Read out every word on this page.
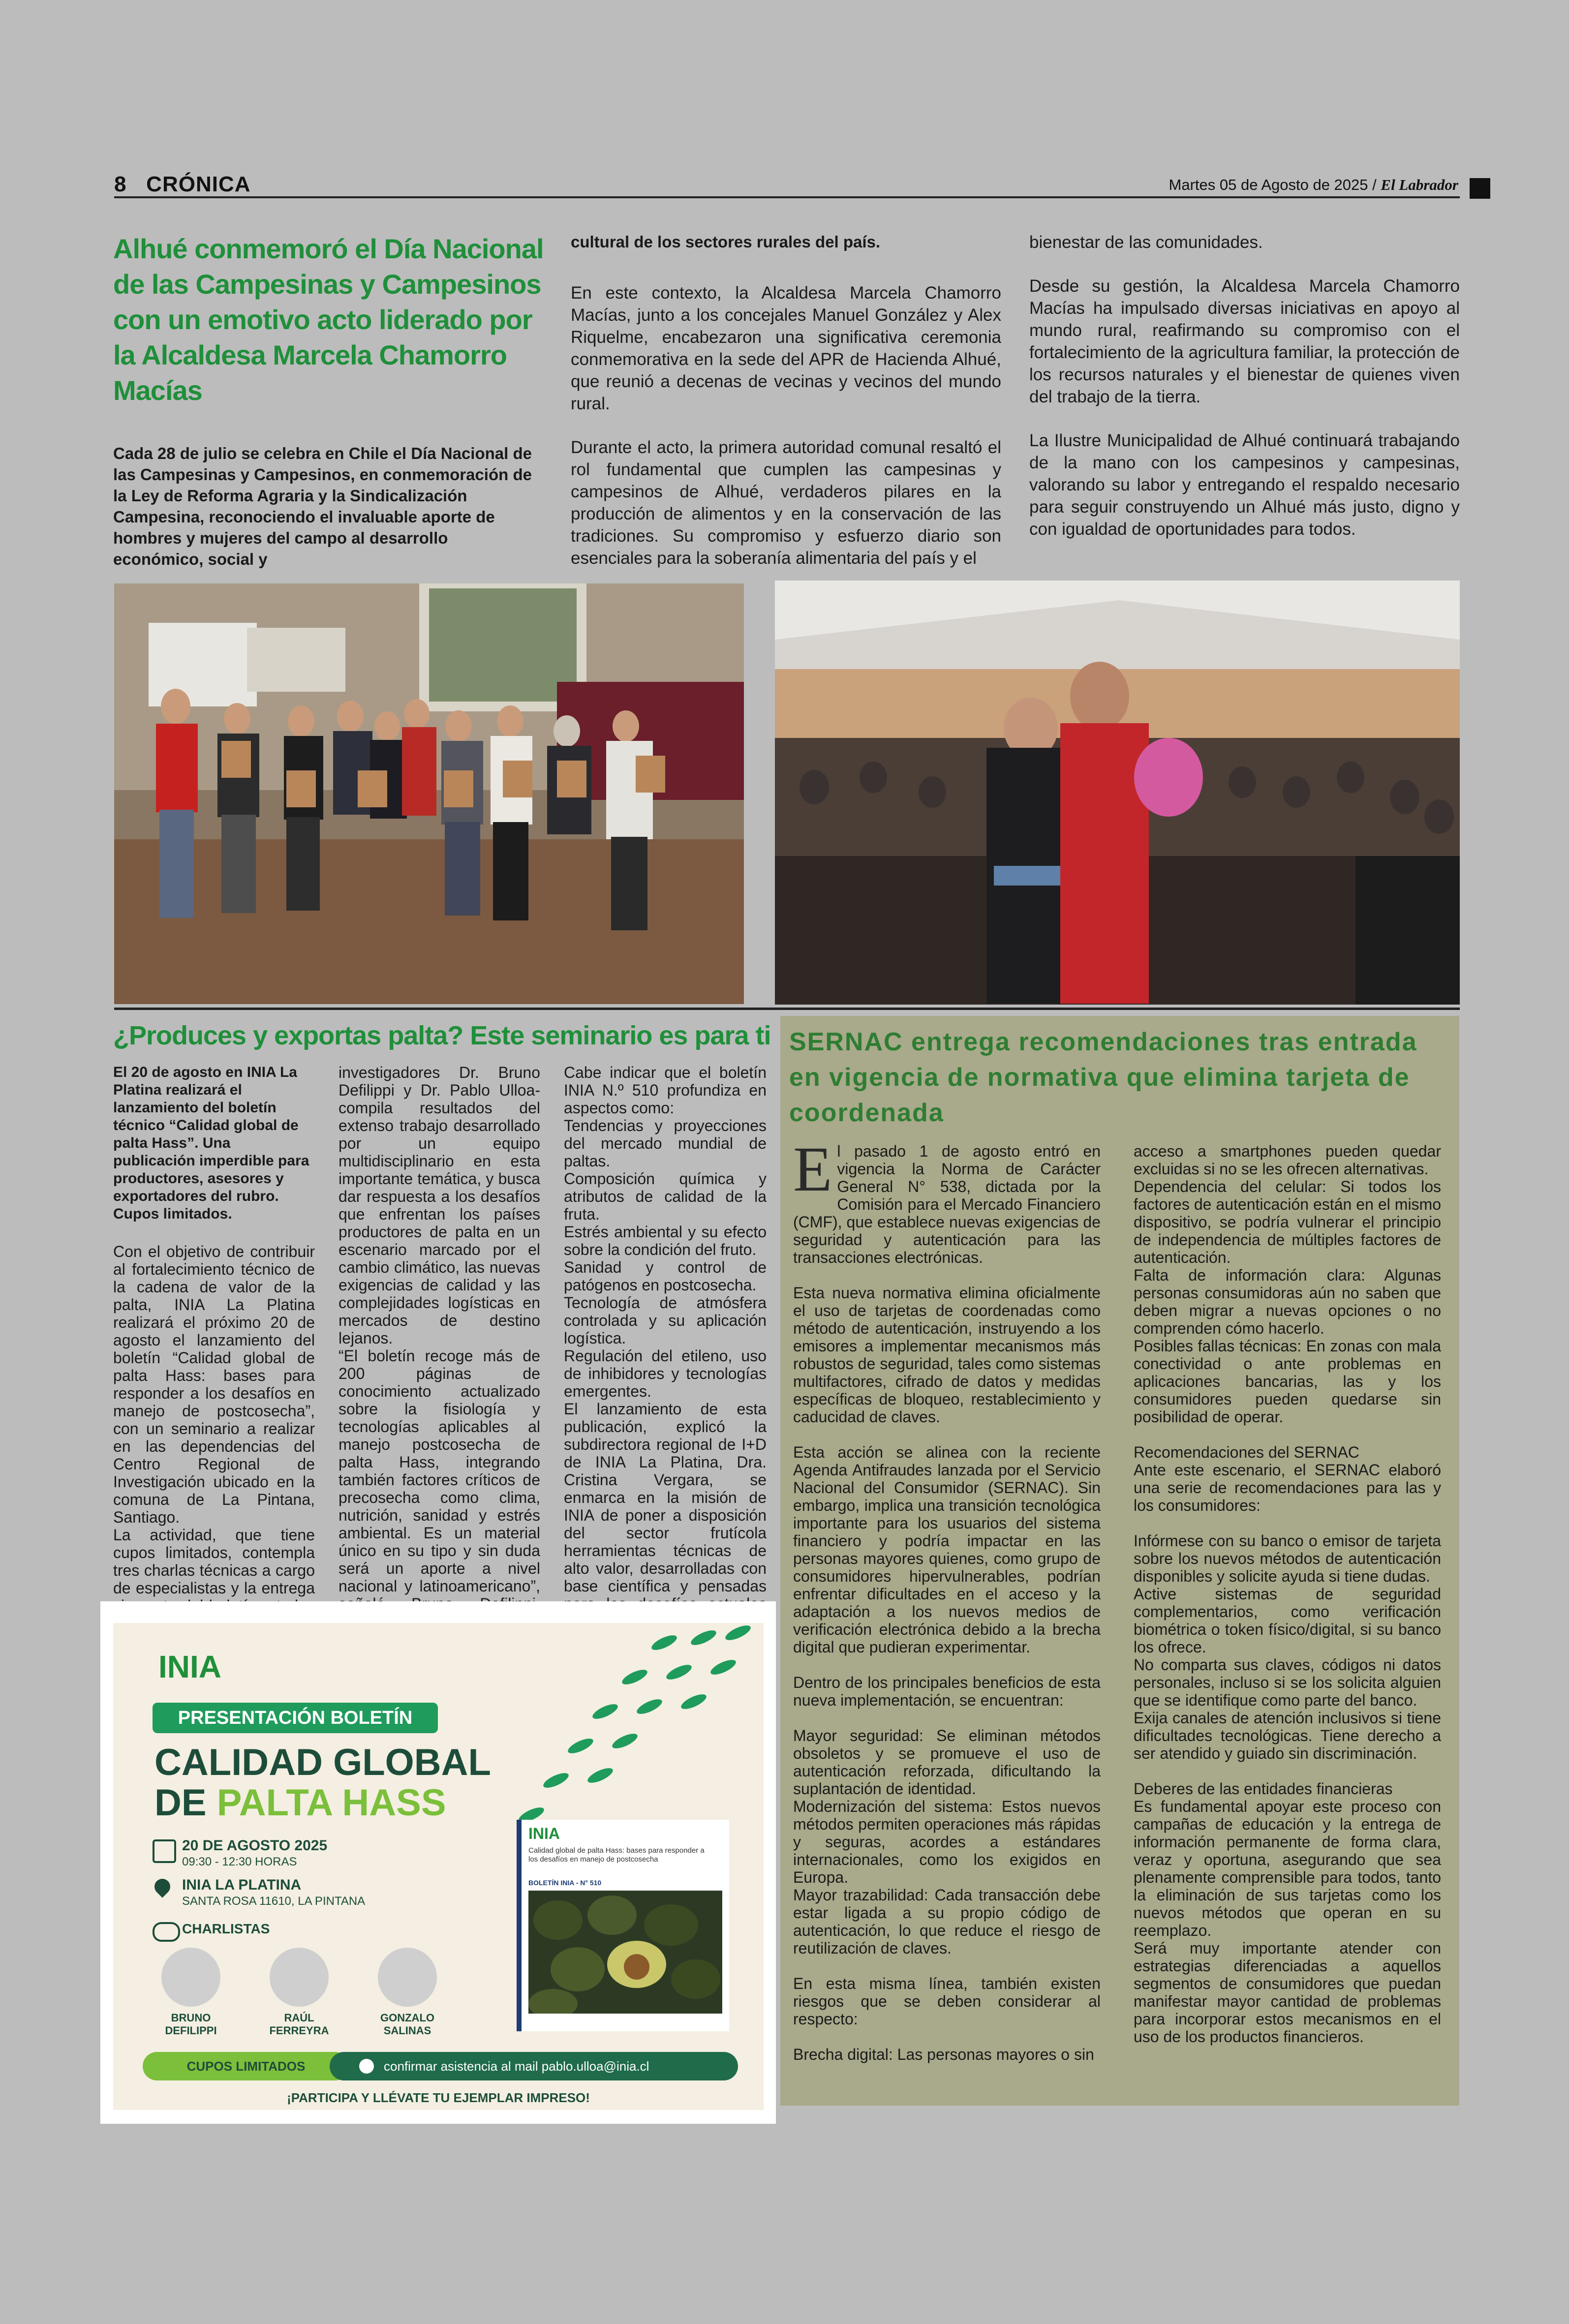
8 CRÓNICA	Martes 05 de Agosto de 2025 / El Labrador
Alhué conmemoró el Día Nacional de las Campesinas y Campesinos con un emotivo acto liderado por la Alcaldesa Marcela Chamorro Macías
Cada 28 de julio se celebra en Chile el Día Nacional de las Campesinas y Campesinos, en conmemoración de la Ley de Reforma Agraria y la Sindicalización Campesina, reconociendo el invaluable aporte de hombres y mujeres del campo al desarrollo económico, social y

cultural de los sectores rurales del país.

En este contexto, la Alcaldesa Marcela Chamorro Macías, junto a los concejales Manuel González y Alex Riquelme, encabezaron una significativa ceremonia conmemorativa en la sede del APR de Hacienda Alhué, que reunió a decenas de vecinas y vecinos del mundo rural.

Durante el acto, la primera autoridad comunal resaltó el rol fundamental que cumplen las campesinas y campesinos de Alhué, verdaderos pilares en la producción de alimentos y en la conservación de las tradiciones. Su compromiso y esfuerzo diario son esenciales para la soberanía alimentaria del país y el

bienestar de las comunidades.

Desde su gestión, la Alcaldesa Marcela Chamorro Macías ha impulsado diversas iniciativas en apoyo al mundo rural, reafirmando su compromiso con el fortalecimiento de la agricultura familiar, la protección de los recursos naturales y el bienestar de quienes viven del trabajo de la tierra.

La Ilustre Municipalidad de Alhué continuará trabajando de la mano con los campesinos y campesinas, valorando su labor y entregando el respaldo necesario para seguir construyendo un Alhué más justo, digno y con igualdad de oportunidades para todos.

¿Produces y exportas palta? Este seminario es para ti

El 20 de agosto en INIA La Platina realizará el lanzamiento del boletín técnico “Calidad global de palta Hass”. Una publicación imperdible para productores, asesores y exportadores del rubro. Cupos limitados.

Con el objetivo de contribuir al fortalecimiento técnico de la cadena de valor de la palta, INIA La Platina realizará el próximo 20 de agosto el lanzamiento del boletín “Calidad global de palta Hass: bases para responder a los desafíos en manejo de postcosecha”, con un seminario a realizar en las dependencias del Centro Regional de Investigación ubicado en la comuna de La Pintana, Santiago.

La actividad, que tiene cupos limitados, contempla tres charlas técnicas a cargo de especialistas y la entrega

investigadores Dr. Bruno Defilippi y Dr. Pablo Ulloa- compila resultados del extenso trabajo desarrollado por un equipo multidisciplinario en esta importante temática, y busca dar respuesta a los desafíos que enfrentan los países productores de palta en un escenario marcado por el cambio climático, las nuevas exigencias de calidad y las complejidades logísticas en mercados de destino lejanos.

“El boletín recoge más de 200 páginas de conocimiento actualizado sobre la fisiología y tecnologías aplicables al manejo postcosecha de palta Hass, integrando también factores críticos de precosecha como clima, nutrición, sanidad y estrés ambiental. Es un material único en su tipo y sin duda será un aporte a nivel nacional y latinoamericano”,

Cabe indicar que el boletín INIA N.º 510 profundiza en aspectos como:

Tendencias y proyecciones del mercado mundial de paltas.

Composición química y atributos de calidad de la fruta.

Estrés ambiental y su efecto sobre la condición del fruto.

Sanidad y control de patógenos en postcosecha.

Tecnología de atmósfera controlada y su aplicación logística.

Regulación del etileno, uso de inhibidores y tecnologías emergentes.

El lanzamiento de esta publicación, explicó la subdirectora regional de I+D de INIA La Platina, Dra. Cristina Vergara, se enmarca en la misión de INIA de poner a disposición del sector frutícola herramientas técnicas de alto valor, desarrolladas con base científica y pensadas

INIA
PRESENTACIÓN BOLETÍN
CALIDAD GLOBAL
DE PALTA HASS
20 DE AGOSTO 2025
09:30 - 12:30 HORAS
INIA LA PLATINA
SANTA ROSA 11610, LA PINTANA
CHARLISTAS
BRUNO
DEFILIPPI
RAÚL
FERREYRA
GONZALO
SALINAS
INIA
Calidad global de palta Hass: bases para responder a los desafíos en manejo de postcosecha
BOLETÍN INIA - N° 510
CUPOS LIMITADOS	confirmar asistencia al mail pablo.ulloa@inia.cl
¡PARTICIPA Y LLÉVATE TU EJEMPLAR IMPRESO!
SERNAC entrega recomendaciones tras entrada en vigencia de normativa que elimina tarjeta de coordenada

El pasado 1 de agosto entró en vigencia la Norma de Carácter General N° 538, dictada por la Comisión para el Mercado Financiero (CMF), que establece nuevas exigencias de seguridad y autenticación para las transacciones electrónicas.

Esta nueva normativa elimina oficialmente el uso de tarjetas de coordenadas como método de autenticación, instruyendo a los emisores a implementar mecanismos más robustos de seguridad, tales como sistemas multifactores, cifrado de datos y medidas específicas de bloqueo, restablecimiento y caducidad de claves.

Esta acción se alinea con la reciente Agenda Antifraudes lanzada por el Servicio Nacional del Consumidor (SERNAC). Sin embargo, implica una transición tecnológica importante para los usuarios del sistema financiero y podría impactar en las personas mayores quienes, como grupo de consumidores hipervulnerables, podrían enfrentar dificultades en el acceso y la adaptación a los nuevos medios de verificación electrónica debido a la brecha digital que pudieran experimentar.

Dentro de los principales beneficios de esta nueva implementación, se encuentran:

Mayor seguridad: Se eliminan métodos obsoletos y se promueve el uso de autenticación reforzada, dificultando la suplantación de identidad.

Modernización del sistema: Estos nuevos métodos permiten operaciones más rápidas y seguras, acordes a estándares internacionales, como los exigidos en Europa.

Mayor trazabilidad: Cada transacción debe estar ligada a su propio código de autenticación, lo que reduce el riesgo de reutilización de claves.

En esta misma línea, también existen riesgos que se deben considerar al respecto:

Brecha digital: Las personas mayores o sin

acceso a smartphones pueden quedar excluidas si no se les ofrecen alternativas.

Dependencia del celular: Si todos los factores de autenticación están en el mismo dispositivo, se podría vulnerar el principio de independencia de múltiples factores de autenticación.

Falta de información clara: Algunas personas consumidoras aún no saben que deben migrar a nuevas opciones o no comprenden cómo hacerlo.

Posibles fallas técnicas: En zonas con mala conectividad o ante problemas en aplicaciones bancarias, las y los consumidores pueden quedarse sin posibilidad de operar.

Recomendaciones del SERNAC

Ante este escenario, el SERNAC elaboró una serie de recomendaciones para las y los consumidores:

Infórmese con su banco o emisor de tarjeta sobre los nuevos métodos de autenticación disponibles y solicite ayuda si tiene dudas.

Active sistemas de seguridad complementarios, como verificación biométrica o token físico/digital, si su banco los ofrece.

No comparta sus claves, códigos ni datos personales, incluso si se los solicita alguien que se identifique como parte del banco.

Exija canales de atención inclusivos si tiene dificultades tecnológicas. Tiene derecho a ser atendido y guiado sin discriminación.

Deberes de las entidades financieras

Es fundamental apoyar este proceso con campañas de educación y la entrega de información permanente de forma clara, veraz y oportuna, asegurando que sea plenamente comprensible para todos, tanto la eliminación de sus tarjetas como los nuevos métodos que operan en su reemplazo.

Será muy importante atender con estrategias diferenciadas a aquellos segmentos de consumidores que puedan manifestar mayor cantidad de problemas para incorporar estos mecanismos en el uso de los productos financieros.
